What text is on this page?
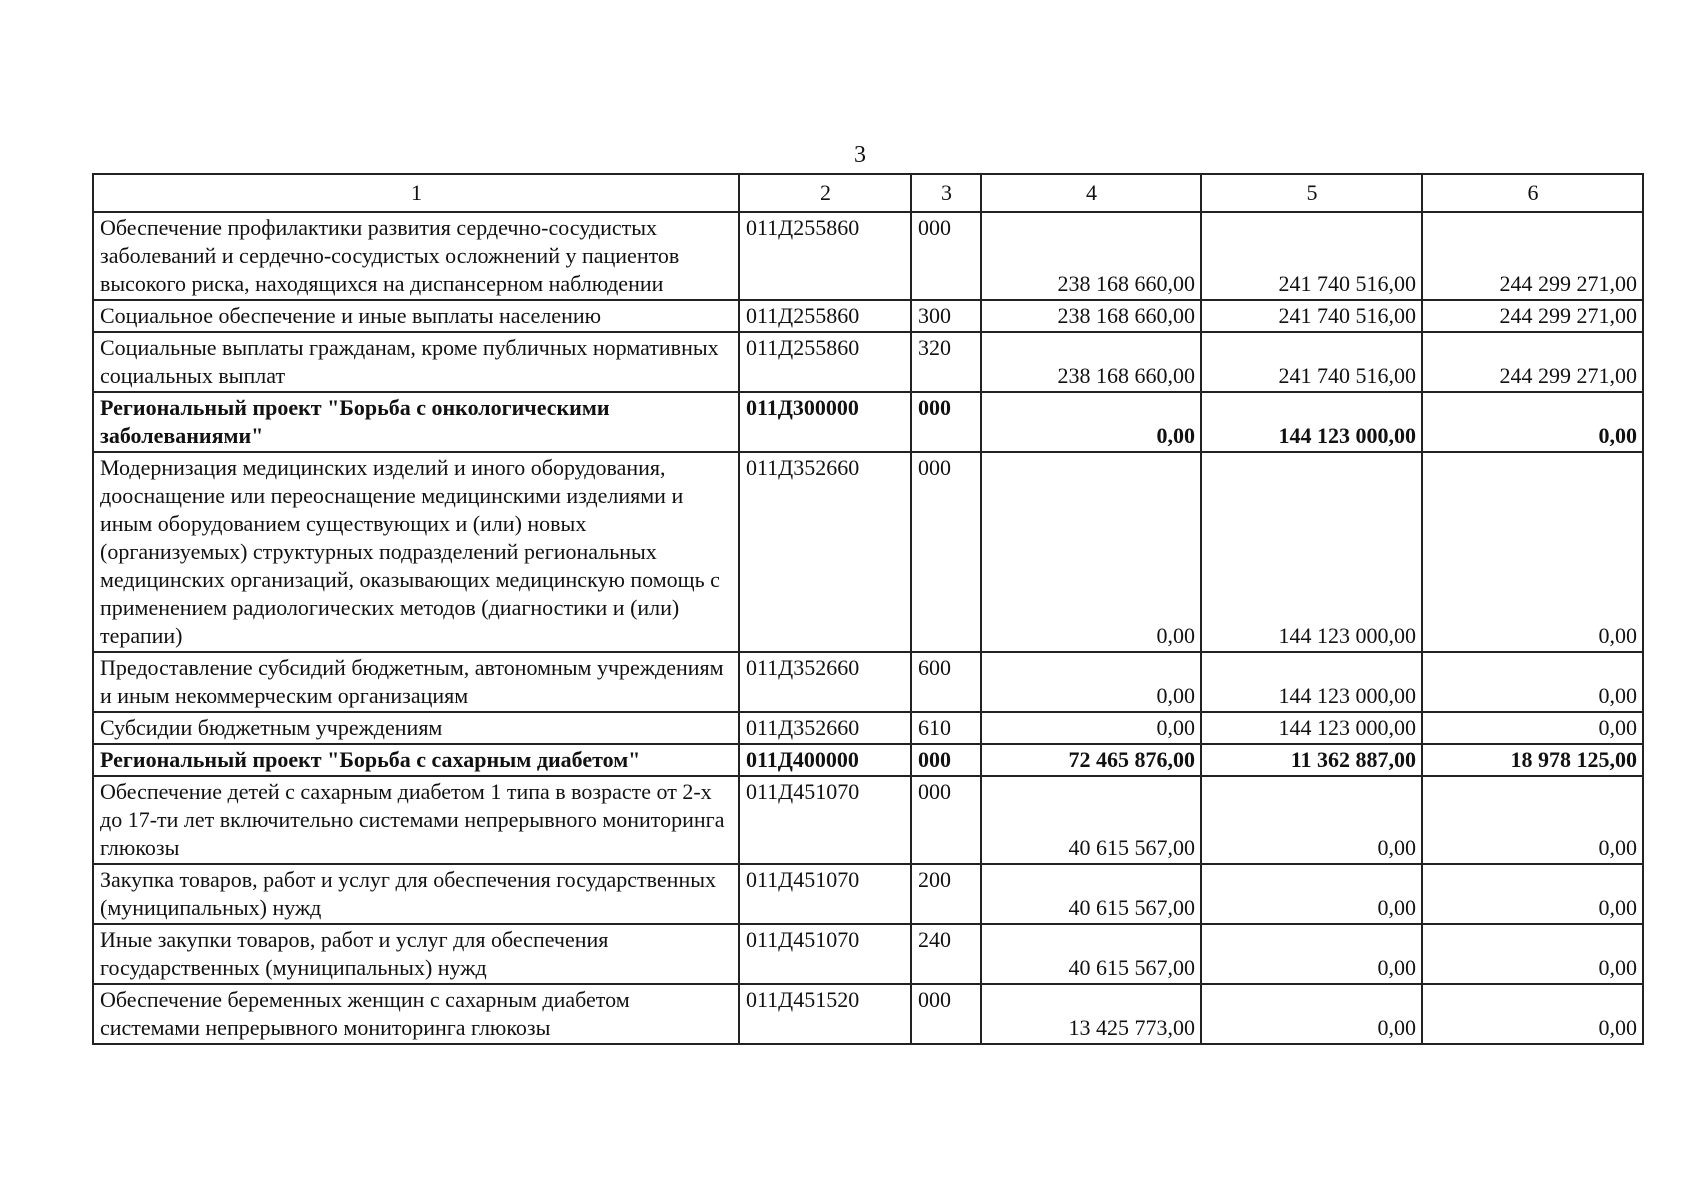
3
1	2	3	4	5	6
Обеспечение профилактики развития сердечно-сосудистых заболеваний и сердечно-сосудистых осложнений у пациентов высокого риска, находящихся на диспансерном наблюдении	011Д255860	000	238 168 660,00	241 740 516,00	244 299 271,00
Социальное обеспечение и иные выплаты населению	011Д255860	300	238 168 660,00	241 740 516,00	244 299 271,00
Социальные выплаты гражданам, кроме публичных нормативных социальных выплат	011Д255860	320	238 168 660,00	241 740 516,00	244 299 271,00
Региональный проект "Борьба с онкологическими заболеваниями"	011Д300000	000	0,00	144 123 000,00	0,00
Модернизация медицинских изделий и иного оборудования, дооснащение или переоснащение медицинскими изделиями и иным оборудованием существующих и (или) новых (организуемых) структурных подразделений региональных медицинских организаций, оказывающих медицинскую помощь с применением радиологических методов (диагностики и (или) терапии)	011Д352660	000	0,00	144 123 000,00	0,00
Предоставление субсидий бюджетным, автономным учреждениям и иным некоммерческим организациям	011Д352660	600	0,00	144 123 000,00	0,00
Субсидии бюджетным учреждениям	011Д352660	610	0,00	144 123 000,00	0,00
Региональный проект "Борьба с сахарным диабетом"	011Д400000	000	72 465 876,00	11 362 887,00	18 978 125,00
Обеспечение детей с сахарным диабетом 1 типа в возрасте от 2-х до 17-ти лет включительно системами непрерывного мониторинга глюкозы	011Д451070	000	40 615 567,00	0,00	0,00
Закупка товаров, работ и услуг для обеспечения государственных (муниципальных) нужд	011Д451070	200	40 615 567,00	0,00	0,00
Иные закупки товаров, работ и услуг для обеспечения государственных (муниципальных) нужд	011Д451070	240	40 615 567,00	0,00	0,00
Обеспечение беременных женщин с сахарным диабетом системами непрерывного мониторинга глюкозы	011Д451520	000	13 425 773,00	0,00	0,00
